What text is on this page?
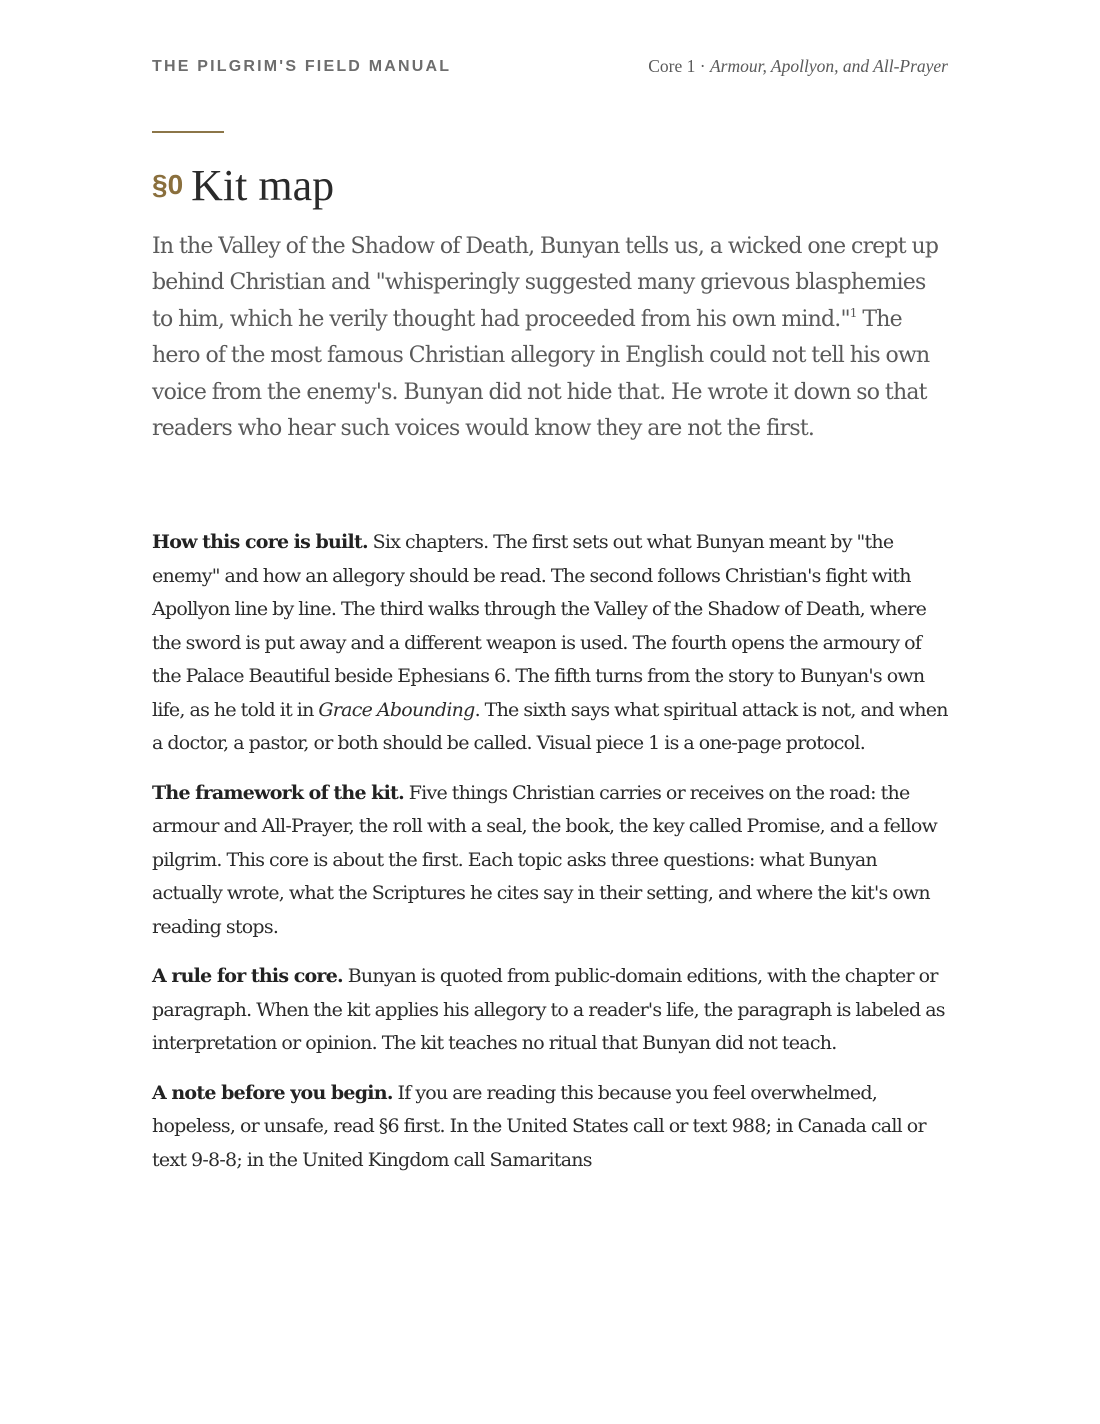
THE PILGRIM'S FIELD MANUAL	Core 1 · Armour, Apollyon, and All-Prayer
§0 Kit map

In the Valley of the Shadow of Death, Bunyan tells us, a wicked one crept up behind Christian and "whisperingly suggested many grievous blasphemies to him, which he verily thought had proceeded from his own mind."$^1$ The hero of the most famous Christian allegory in English could not tell his own voice from the enemy's. Bunyan did not hide that. He wrote it down so that readers who hear such voices would know they are not the first.

How this core is built. Six chapters. The first sets out what Bunyan meant by "the enemy" and how an allegory should be read. The second follows Christian's fight with Apollyon line by line. The third walks through the Valley of the Shadow of Death, where the sword is put away and a different weapon is used. The fourth opens the armoury of the Palace Beautiful beside Ephesians 6. The fifth turns from the story to Bunyan's own life, as he told it in Grace Abounding. The sixth says what spiritual attack is not, and when a doctor, a pastor, or both should be called. Visual piece 1 is a one-page protocol.

The framework of the kit. Five things Christian carries or receives on the road: the armour and All-Prayer, the roll with a seal, the book, the key called Promise, and a fellow pilgrim. This core is about the first. Each topic asks three questions: what Bunyan actually wrote, what the Scriptures he cites say in their setting, and where the kit's own reading stops.

A rule for this core. Bunyan is quoted from public-domain editions, with the chapter or paragraph. When the kit applies his allegory to a reader's life, the paragraph is labeled as interpretation or opinion. The kit teaches no ritual that Bunyan did not teach.

A note before you begin. If you are reading this because you feel overwhelmed, hopeless, or unsafe, read §6 first. In the United States call or text 988; in Canada call or text 9-8-8; in the United Kingdom call Samaritans
